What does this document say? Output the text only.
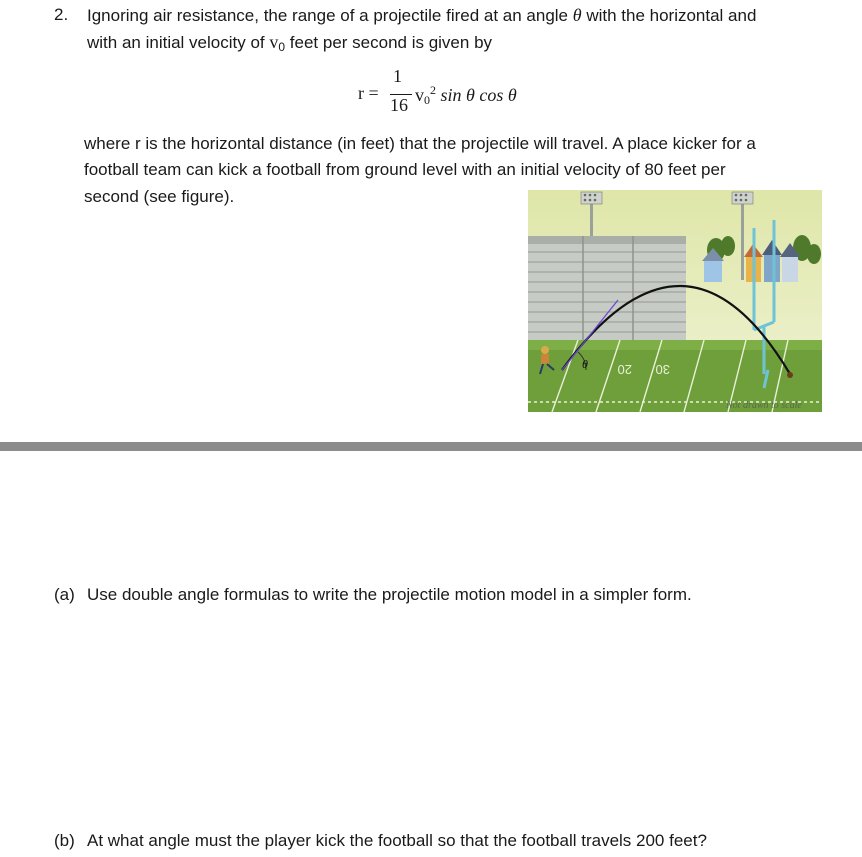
2. Ignoring air resistance, the range of a projectile fired at an angle θ with the horizontal and
with an initial velocity of $v_0$ feet per second is given by
r =
1
16 $v_0^2$ sin θ cos θ
where r is the horizontal distance (in feet) that the projectile will travel. A place kicker for a
football team can kick a football from ground level with an initial velocity of 80 feet per
second (see figure).
20 30
θ
Not drawn to scale
(a) Use double angle formulas to write the projectile motion model in a simpler form.
(b) At what angle must the player kick the football so that the football travels 200 feet?
